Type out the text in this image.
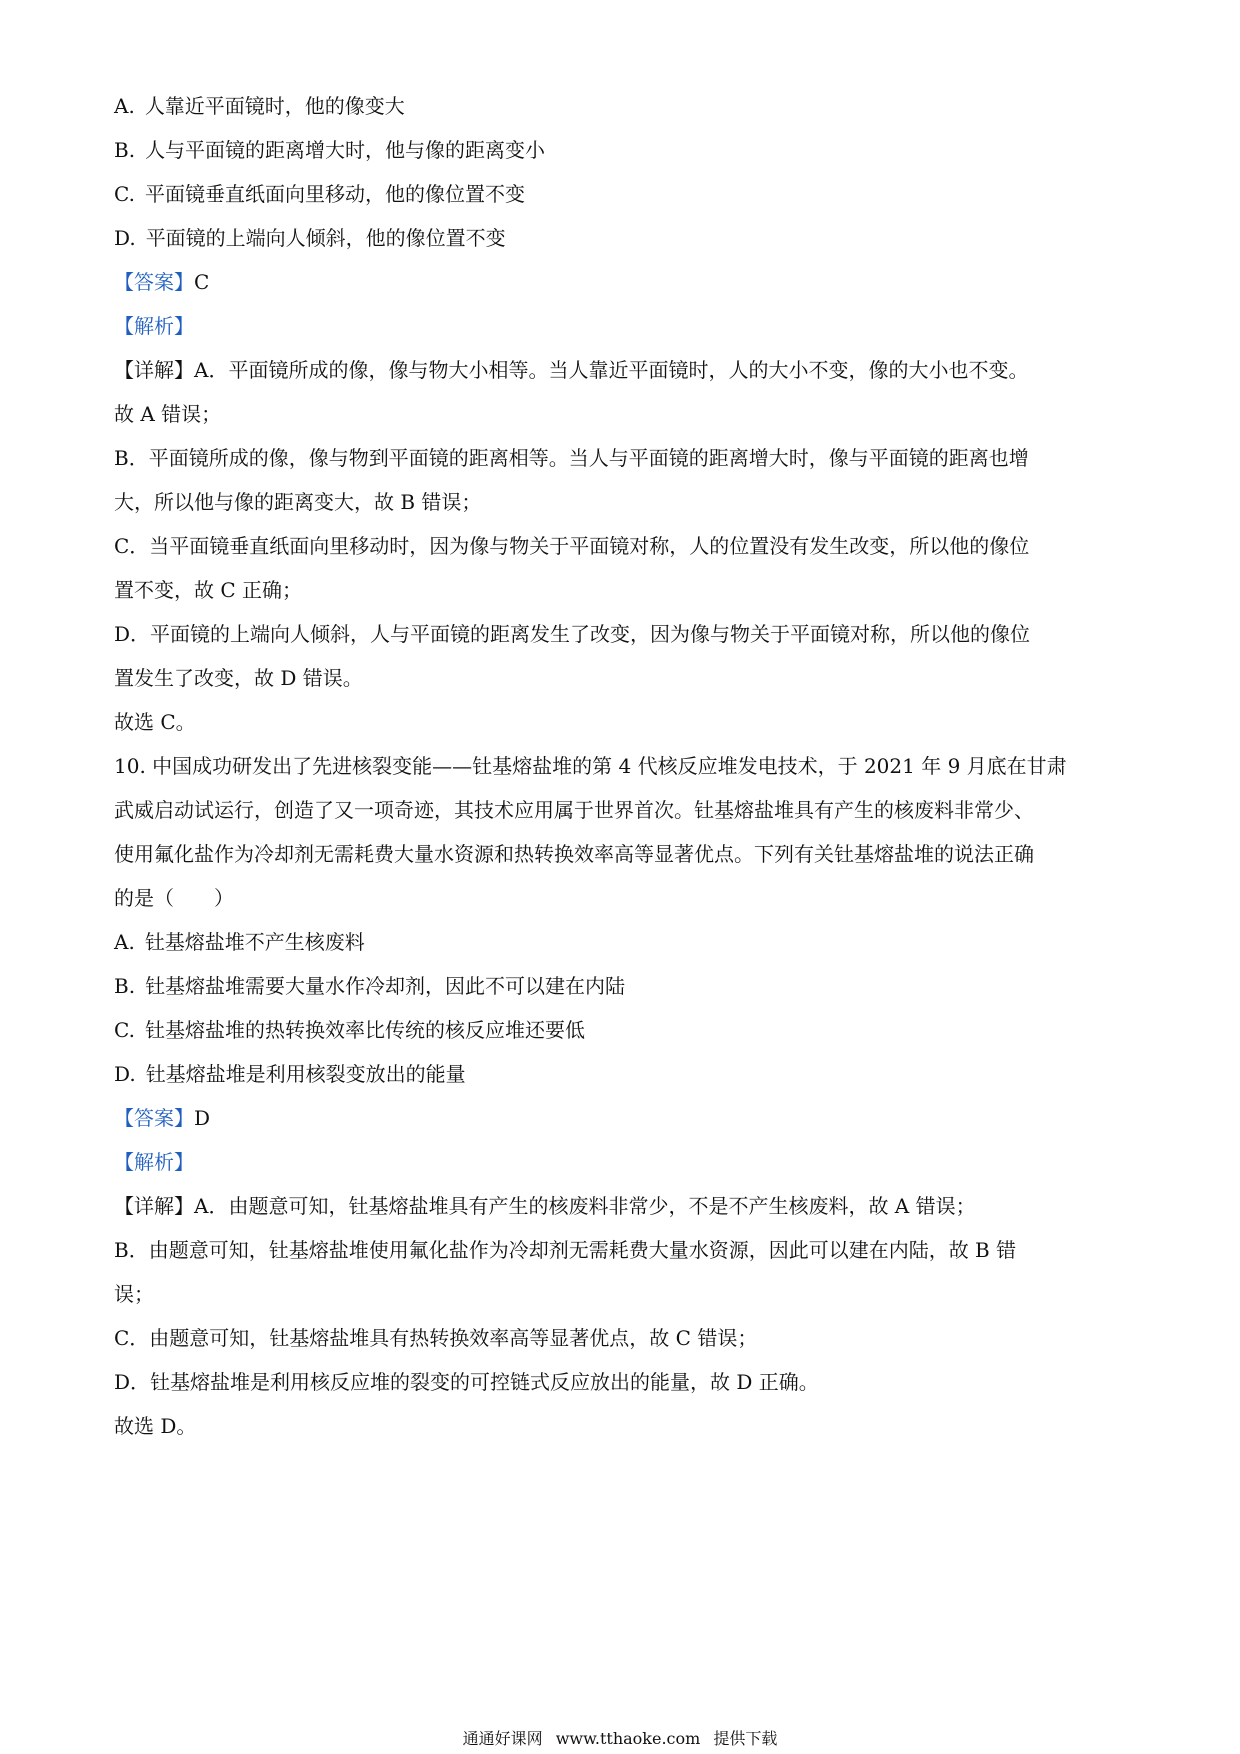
A. 人靠近平面镜时，他的像变大
B. 人与平面镜的距离增大时，他与像的距离变小
C. 平面镜垂直纸面向里移动，他的像位置不变
D. 平面镜的上端向人倾斜，他的像位置不变
【答案】C
【解析】
【详解】A．平面镜所成的像，像与物大小相等。当人靠近平面镜时，人的大小不变，像的大小也不变。
故 A 错误；
B．平面镜所成的像，像与物到平面镜的距离相等。当人与平面镜的距离增大时，像与平面镜的距离也增
大，所以他与像的距离变大，故 B 错误；
C．当平面镜垂直纸面向里移动时，因为像与物关于平面镜对称，人的位置没有发生改变，所以他的像位
置不变，故 C 正确；
D．平面镜的上端向人倾斜，人与平面镜的距离发生了改变，因为像与物关于平面镜对称，所以他的像位
置发生了改变，故 D 错误。
故选 C。
10. 中国成功研发出了先进核裂变能——钍基熔盐堆的第 4 代核反应堆发电技术，于 2021 年 9 月底在甘肃
武威启动试运行，创造了又一项奇迹，其技术应用属于世界首次。钍基熔盐堆具有产生的核废料非常少、
使用氟化盐作为冷却剂无需耗费大量水资源和热转换效率高等显著优点。下列有关钍基熔盐堆的说法正确
的是（　　）
A. 钍基熔盐堆不产生核废料
B. 钍基熔盐堆需要大量水作冷却剂，因此不可以建在内陆
C. 钍基熔盐堆的热转换效率比传统的核反应堆还要低
D. 钍基熔盐堆是利用核裂变放出的能量
【答案】D
【解析】
【详解】A．由题意可知，钍基熔盐堆具有产生的核废料非常少，不是不产生核废料，故 A 错误；
B．由题意可知，钍基熔盐堆使用氟化盐作为冷却剂无需耗费大量水资源，因此可以建在内陆，故 B 错
误；
C．由题意可知，钍基熔盐堆具有热转换效率高等显著优点，故 C 错误；
D．钍基熔盐堆是利用核反应堆的裂变的可控链式反应放出的能量，故 D 正确。
故选 D。
通通好课网 www.tthaoke.com 提供下载
